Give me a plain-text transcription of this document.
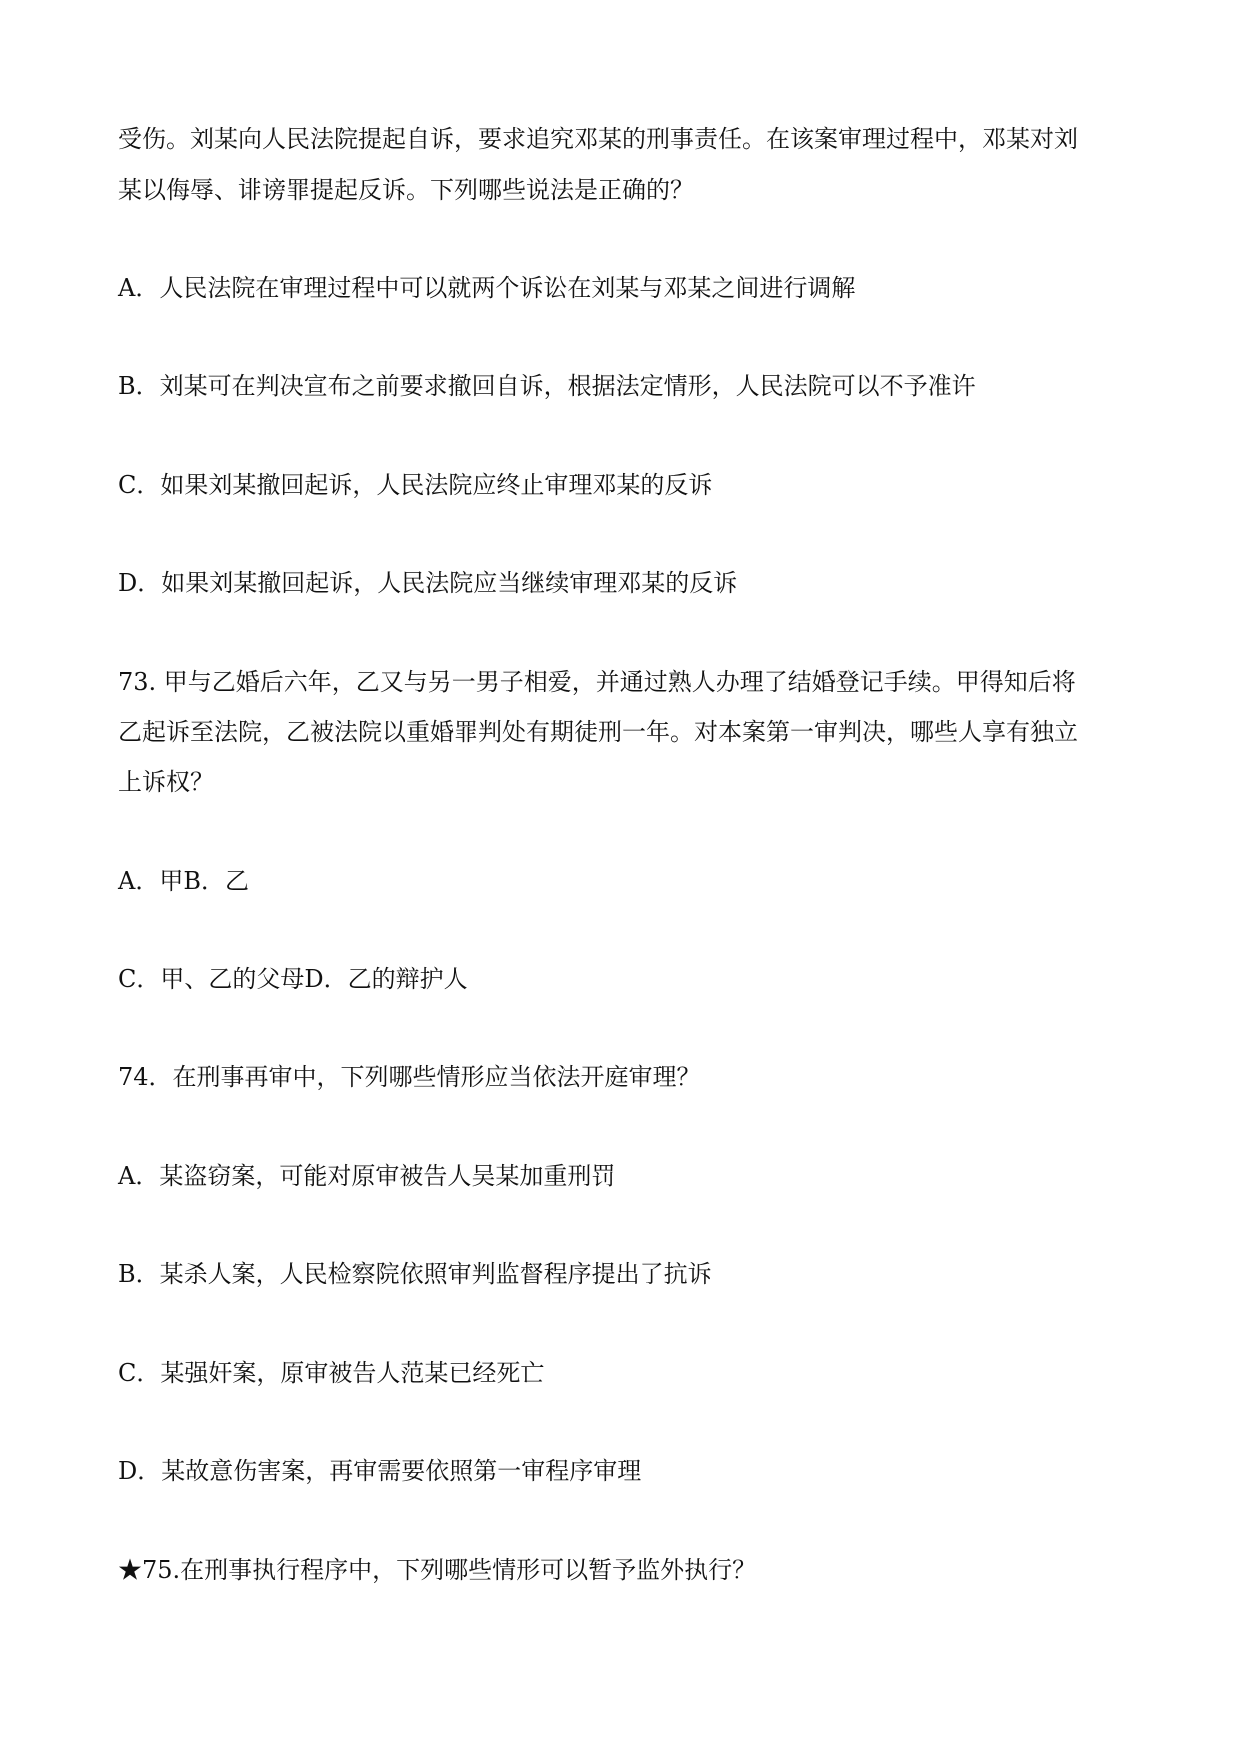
受伤。刘某向人民法院提起自诉，要求追究邓某的刑事责任。在该案审理过程中，邓某对刘
某以侮辱、诽谤罪提起反诉。下列哪些说法是正确的？
A．人民法院在审理过程中可以就两个诉讼在刘某与邓某之间进行调解
B．刘某可在判决宣布之前要求撤回自诉，根据法定情形，人民法院可以不予准许
C．如果刘某撤回起诉，人民法院应终止审理邓某的反诉
D．如果刘某撤回起诉，人民法院应当继续审理邓某的反诉
73. 甲与乙婚后六年，乙又与另一男子相爱，并通过熟人办理了结婚登记手续。甲得知后将
乙起诉至法院，乙被法院以重婚罪判处有期徒刑一年。对本案第一审判决，哪些人享有独立
上诉权？
A．甲B．乙
C．甲、乙的父母D．乙的辩护人
74．在刑事再审中，下列哪些情形应当依法开庭审理？
A．某盗窃案，可能对原审被告人吴某加重刑罚
B．某杀人案，人民检察院依照审判监督程序提出了抗诉
C．某强奸案，原审被告人范某已经死亡
D．某故意伤害案，再审需要依照第一审程序审理
★75.在刑事执行程序中，下列哪些情形可以暂予监外执行？
